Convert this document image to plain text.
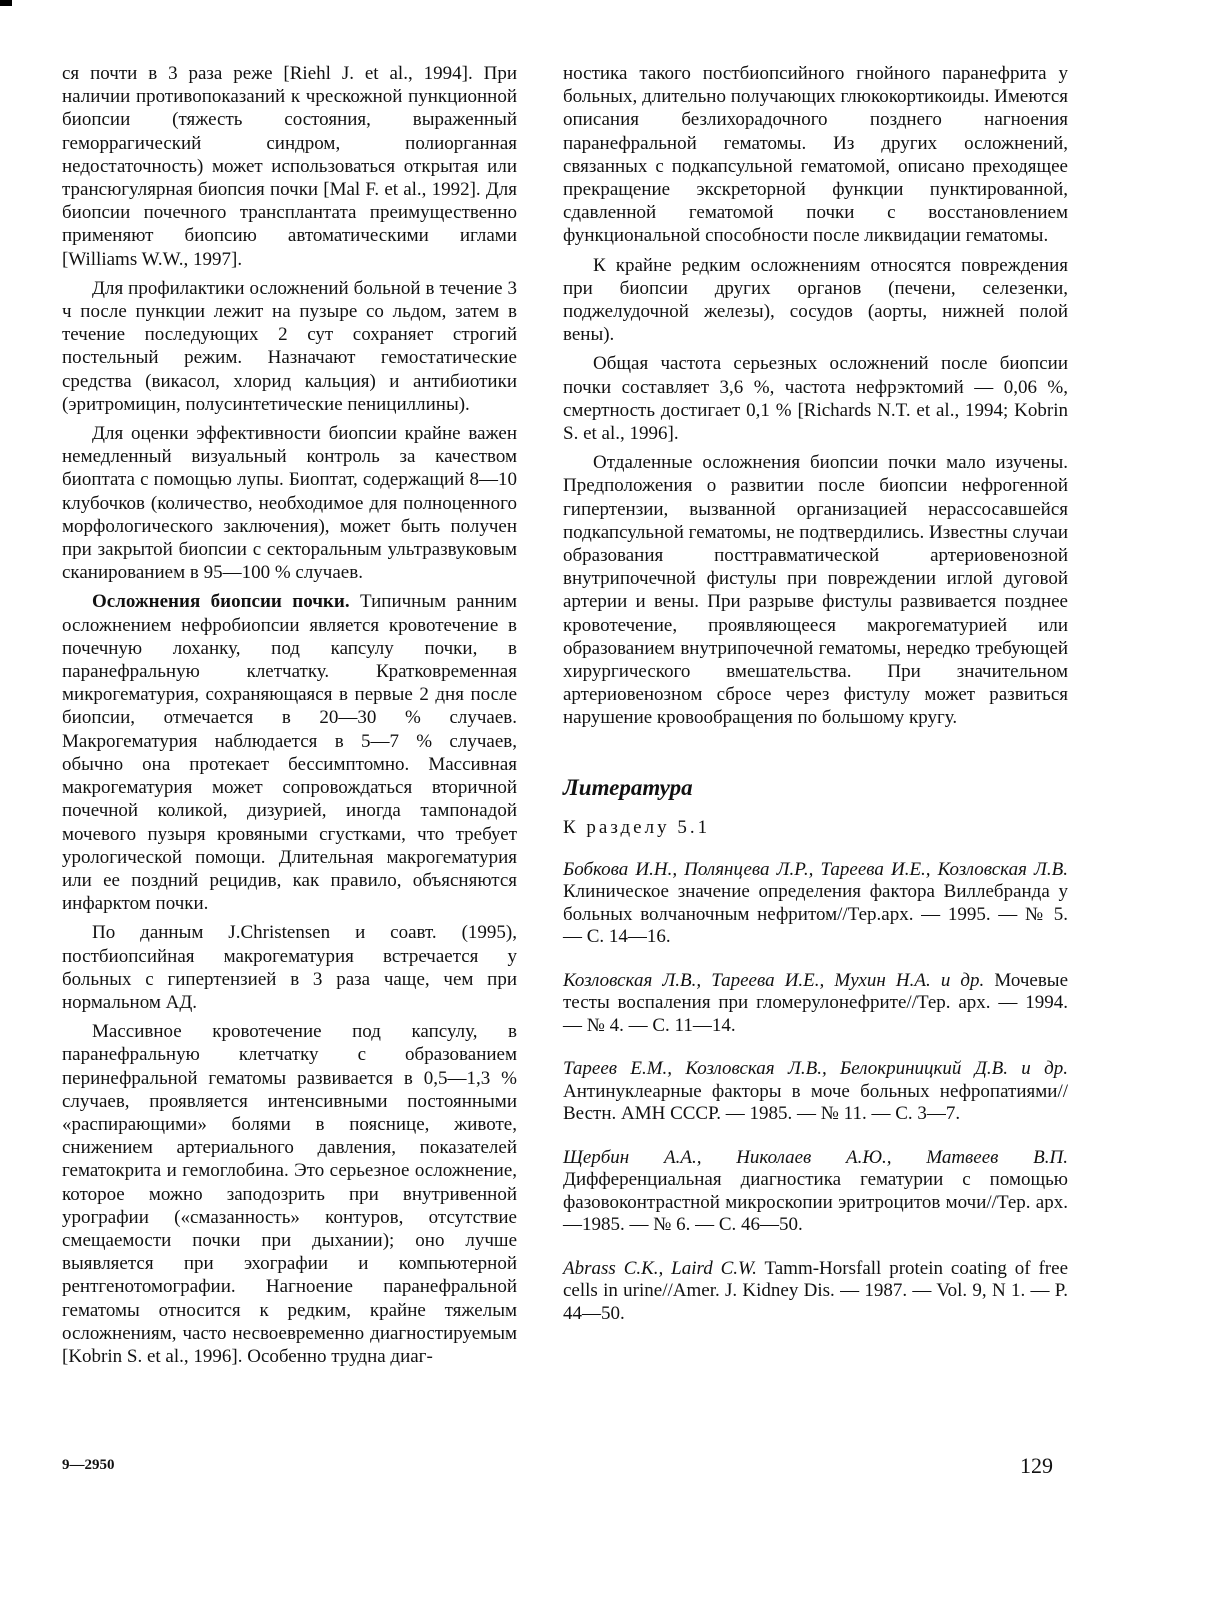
ся почти в 3 раза реже [Riehl J. et al., 1994]. При наличии противопоказаний к чрескожной пункционной биопсии (тяжесть состояния, выраженный геморрагический синдром, полиорганная недостаточность) может использоваться открытая или трансюгулярная биопсия почки [Mal F. et al., 1992]. Для биопсии почечного трансплантата преимущественно применяют биопсию автоматическими иглами [Williams W.W., 1997].

Для профилактики осложнений больной в течение 3 ч после пункции лежит на пузыре со льдом, затем в течение последующих 2 сут сохраняет строгий постельный режим. Назначают гемостатические средства (викасол, хлорид кальция) и антибиотики (эритромицин, полусинтетические пенициллины).

Для оценки эффективности биопсии крайне важен немедленный визуальный контроль за качеством биоптата с помощью лупы. Биоптат, содержащий 8—10 клубочков (количество, необходимое для полноценного морфологического заключения), может быть получен при закрытой биопсии с секторальным ультразвуковым сканированием в 95—100 % случаев.

Осложнения биопсии почки. Типичным ранним осложнением нефробиопсии является кровотечение в почечную лоханку, под капсулу почки, в паранефральную клетчатку. Кратковременная микрогематурия, сохраняющаяся в первые 2 дня после биопсии, отмечается в 20—30 % случаев. Макрогематурия наблюдается в 5—7 % случаев, обычно она протекает бессимптомно. Массивная макрогематурия может сопровождаться вторичной почечной коликой, дизурией, иногда тампонадой мочевого пузыря кровяными сгустками, что требует урологической помощи. Длительная макрогематурия или ее поздний рецидив, как правило, объясняются инфарктом почки.

По данным J.Christensen и соавт. (1995), постбиопсийная макрогематурия встречается у больных с гипертензией в 3 раза чаще, чем при нормальном АД.

Массивное кровотечение под капсулу, в паранефральную клетчатку с образованием перинефральной гематомы развивается в 0,5—1,3 % случаев, проявляется интенсивными постоянными «распирающими» болями в пояснице, животе, снижением артериального давления, показателей гематокрита и гемоглобина. Это серьезное осложнение, которое можно заподозрить при внутривенной урографии («смазанность» контуров, отсутствие смещаемости почки при дыхании); оно лучше выявляется при эхографии и компьютерной рентгенотомографии. Нагноение паранефральной гематомы относится к редким, крайне тяжелым осложнениям, часто несвоевременно диагностируемым [Kobrin S. et al., 1996]. Особенно трудна диаг-

ностика такого постбиопсийного гнойного паранефрита у больных, длительно получающих глюкокортикоиды. Имеются описания безлихорадочного позднего нагноения паранефральной гематомы. Из других осложнений, связанных с подкапсульной гематомой, описано преходящее прекращение экскреторной функции пунктированной, сдавленной гематомой почки с восстановлением функциональной способности после ликвидации гематомы.

К крайне редким осложнениям относятся повреждения при биопсии других органов (печени, селезенки, поджелудочной железы), сосудов (аорты, нижней полой вены).

Общая частота серьезных осложнений после биопсии почки составляет 3,6 %, частота нефрэктомий — 0,06 %, смертность достигает 0,1 % [Richards N.T. et al., 1994; Kobrin S. et al., 1996].

Отдаленные осложнения биопсии почки мало изучены. Предположения о развитии после биопсии нефрогенной гипертензии, вызванной организацией нерассосавшейся подкапсульной гематомы, не подтвердились. Известны случаи образования посттравматической артериовенозной внутрипочечной фистулы при повреждении иглой дуговой артерии и вены. При разрыве фистулы развивается позднее кровотечение, проявляющееся макрогематурией или образованием внутрипочечной гематомы, нередко требующей хирургического вмешательства. При значительном артериовенозном сбросе через фистулу может развиться нарушение кровообращения по большому кругу.

Литература
К разделу 5.1

Бобкова И.Н., Полянцева Л.Р., Тареева И.Е., Козловская Л.В. Клиническое значение определения фактора Виллебранда у больных волчаночным нефритом//Тер.арх. — 1995. — № 5. — С. 14—16.

Козловская Л.В., Тареева И.Е., Мухин Н.А. и др. Мочевые тесты воспаления при гломерулонефрите//Тер. арх. — 1994. — № 4. — С. 11—14.

Тареев Е.М., Козловская Л.В., Белокриницкий Д.В. и др. Антинуклеарные факторы в моче больных нефропатиями//Вестн. АМН СССР. — 1985. — № 11. — С. 3—7.

Щербин А.А., Николаев А.Ю., Матвеев В.П. Дифференциальная диагностика гематурии с помощью фазовоконтрастной микроскопии эритроцитов мочи//Тер. арх. —1985. — № 6. — С. 46—50.

Abrass C.K., Laird C.W. Tamm-Horsfall protein coating of free cells in urine//Amer. J. Kidney Dis. — 1987. — Vol. 9, N 1. — P. 44—50.

9—2950	129
